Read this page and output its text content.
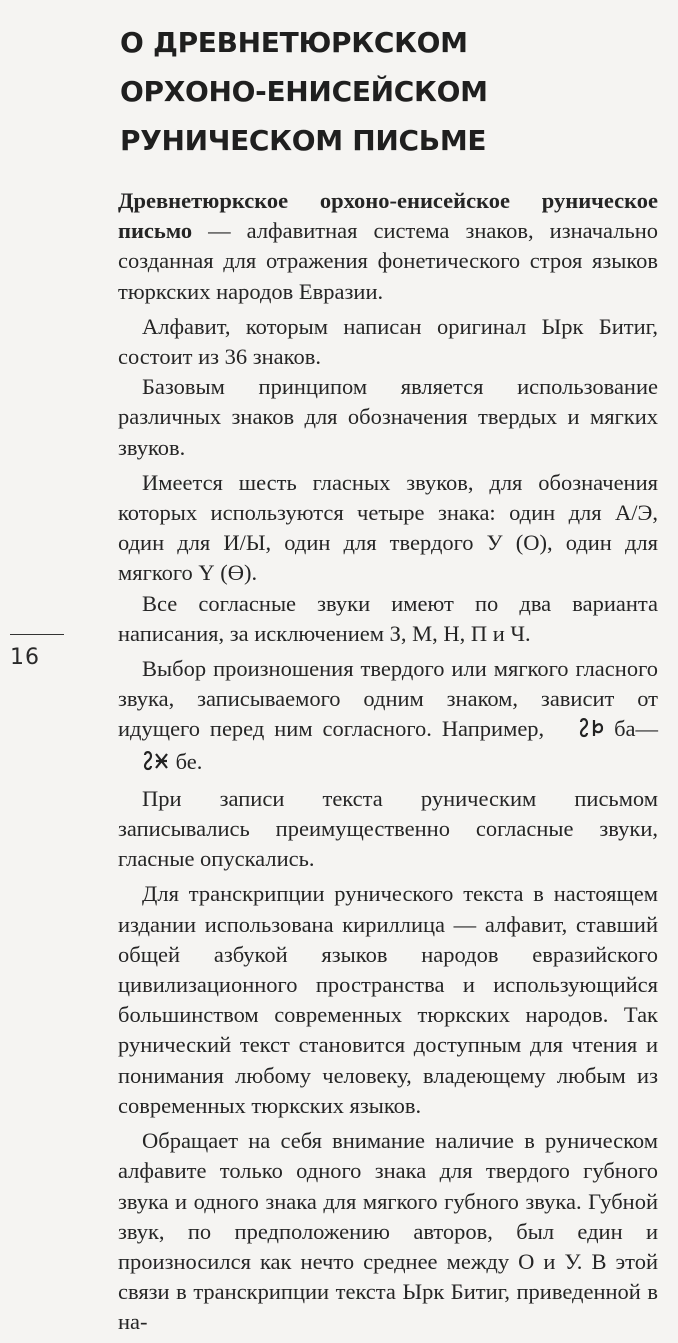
О ДРЕВНЕТЮРКСКОМ
ОРХОНО-ЕНИСЕЙСКОМ
РУНИЧЕСКОМ ПИСЬМЕ
16

Древнетюркское орхоно-енисейское руническое письмо — алфавитная система знаков, изначально созданная для отражения фонетического строя языков тюркских народов Евразии.

Алфавит, которым написан оригинал Ырк Битиг, состоит из 36 знаков.

Базовым принципом является использование различных знаков для обозначения твердых и мягких звуков.

Имеется шесть гласных звуков, для обозначения которых используются четыре знака: один для А/Э, один для И/Ы, один для твердого У (О), один для мягкого Ү (Ө).

Все согласные звуки имеют по два варианта написания, за исключением З, М, Н, П и Ч.

Выбор произношения твердого или мягкого гласного звука, записываемого одним знаком, зависит от идущего перед ним согласного. Например,	ба— бе.

При записи текста руническим письмом записывались преимущественно согласные звуки, гласные опускались.

Для транскрипции рунического текста в настоящем издании использована кириллица — алфавит, ставший общей азбукой языков народов евразийского цивилизационного пространства и использующийся большинством современных тюркских народов. Так рунический текст становится доступным для чтения и понимания любому человеку, владеющему любым из современных тюркских языков.

Обращает на себя внимание наличие в руническом алфавите только одного знака для твердого губного звука и одного знака для мягкого губного звука. Губной звук, по предположению авторов, был един и произносился как нечто среднее между О и У. В этой связи в транскрипции текста Ырк Битиг, приведенной в на-
